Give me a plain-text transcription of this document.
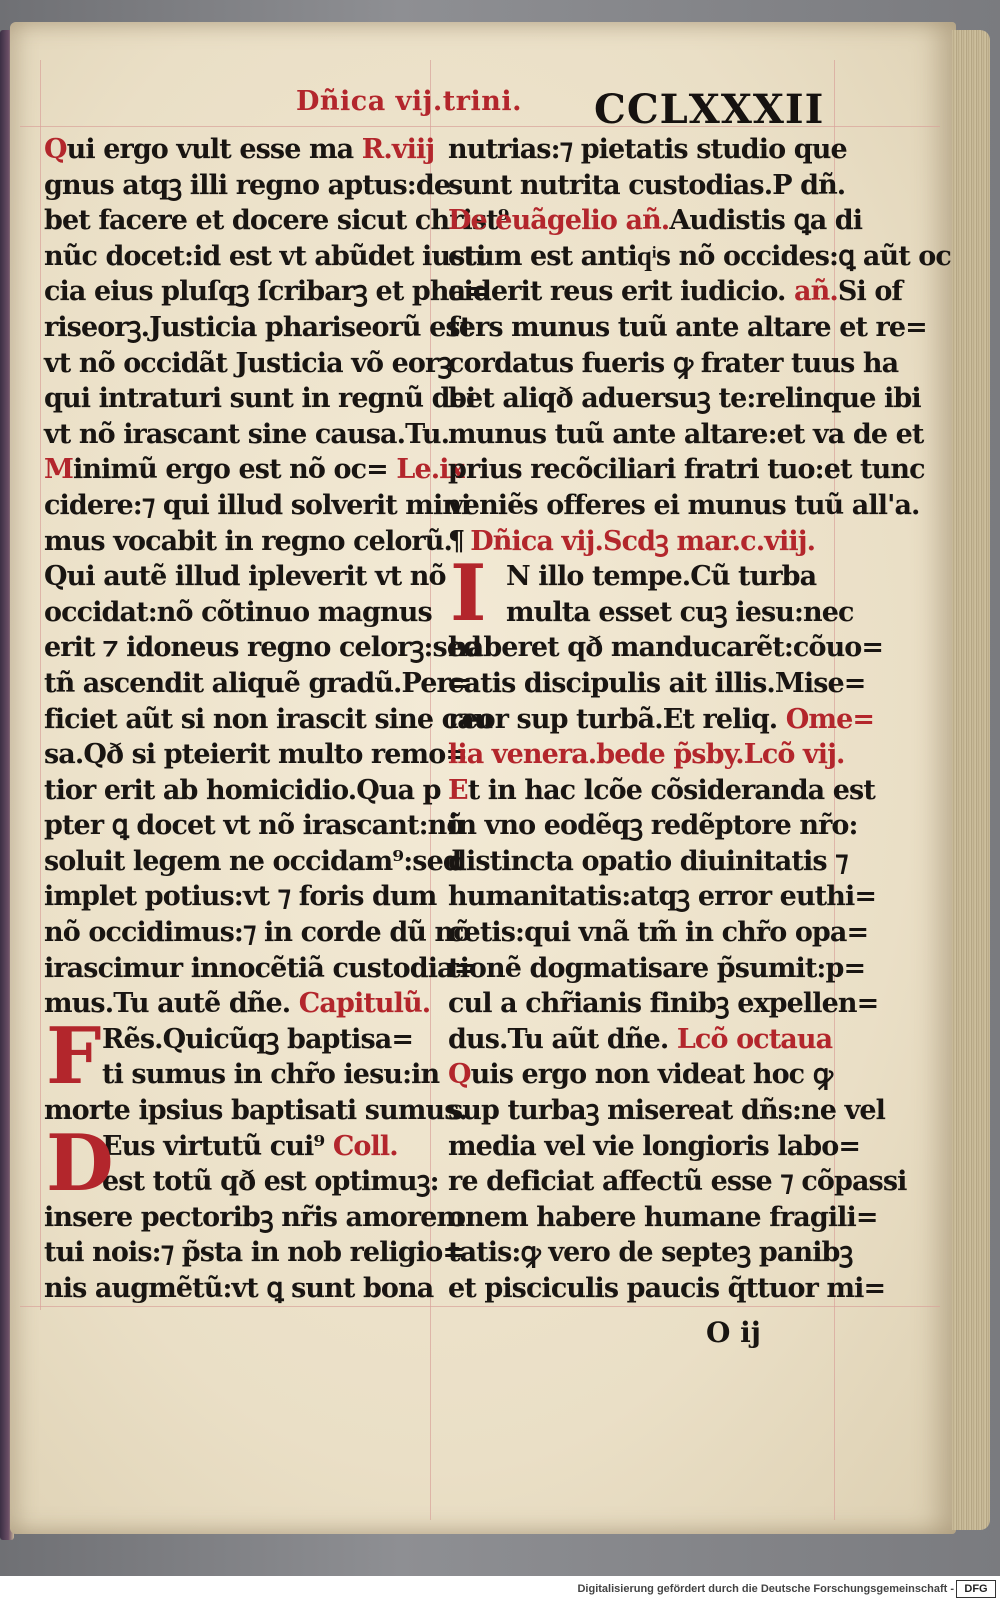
Dñica vij.trini. CCLXXXII
Qui ergo vult esse ma R.viij
gnus atqꝫ illi regno aptus:de
bet facere et docere sicut christ⁹
nũc docet:id est vt abũdet iusti
cia eius pluſqꝫ ſcribarꝫ et pha=
riseorꝫ.Justicia phariseorũ est
vt nõ occidãt Justicia võ eorꝫ
qui intraturi sunt in regnũ dei
vt nõ irascant sine causa.Tu.
Minimũ ergo est nõ oc= Le.ix
cidere:⁊ qui illud solverit mini
mus vocabit in regno celorũ.
Qui autẽ illud ipleverit vt nõ
occidat:nõ cõtinuo magnus
erit ⁊ idoneus regno celorꝫ:sed
tñ ascendit aliquẽ gradũ.Per=
ficiet aũt si non irascit sine cau
sa.Qð si pteierit multo remo=
tior erit ab homicidio.Qua p
pter ꝗ docet vt nõ irascant:nõ
soluit legem ne occidam⁹:sed
implet potius:vt ⁊ foris dum
nõ occidimus:⁊ in corde dũ nõ
irascimur innocẽtiã custodia=
mus.Tu autẽ dñe. Capitulũ.
F Rẽs.Quicũqꝫ baptisa=
ti sumus in chr̃o iesu:in
morte ipsius baptisati sumus.
D
Eus virtutũ cui⁹ Coll.
est totũ qð est optimuꝫ:
insere pectoribꝫ nr̃is amorem
tui nois:⁊ p̃sta in nob religio=
nis augmẽtũ:vt ꝗ sunt bona
nutrias:⁊ pietatis studio que
sunt nutrita custodias.P dñ.
De euãgelio añ.Audistis ꝗa di
ctum est antiqͥs nõ occides:ꝗ aũt oc
ciderit reus erit iudicio. añ.Si of
fers munus tuũ ante altare et re=
cordatus fueris ꝙ frater tuus ha
bet aliqð aduersuꝫ te:relinque ibi
munus tuũ ante altare:et va de et
prius recõciliari fratri tuo:et tunc
veniẽs offeres ei munus tuũ all'a.
¶ Dñica vij.Scdꝫ mar.c.viij.
I N illo tempe.Cũ turba
multa esset cuꝫ iesu:nec
haberet qð manducarẽt:cõuo=
catis discipulis ait illis.Mise=
reor sup turbã.Et reliq. Ome=
lia venera.bede p̃sby.Lcõ vij.
Et in hac lcõe cõsideranda est
in vno eodẽqꝫ redẽptore nr̃o:
distincta opatio diuinitatis ⁊
humanitatis:atqꝫ error euthi=
cetis:qui vnã tm̃ in chr̃o opa=
tionẽ dogmatisare p̃sumit:p=
cul a chr̃ianis finibꝫ expellen=
dus.Tu aũt dñe. Lcõ octaua
Quis ergo non videat hoc ꝙ
sup turbaꝫ misereat dñs:ne vel
media vel vie longioris labo=
re deficiat affectũ esse ⁊ cõpassi
onem habere humane fragili=
tatis:ꝙ vero de septeꝫ panibꝫ
et pisciculis paucis q̃ttuor mi=
O ij
Digitalisierung gefördert durch die Deutsche Forschungsgemeinschaft - DFG
